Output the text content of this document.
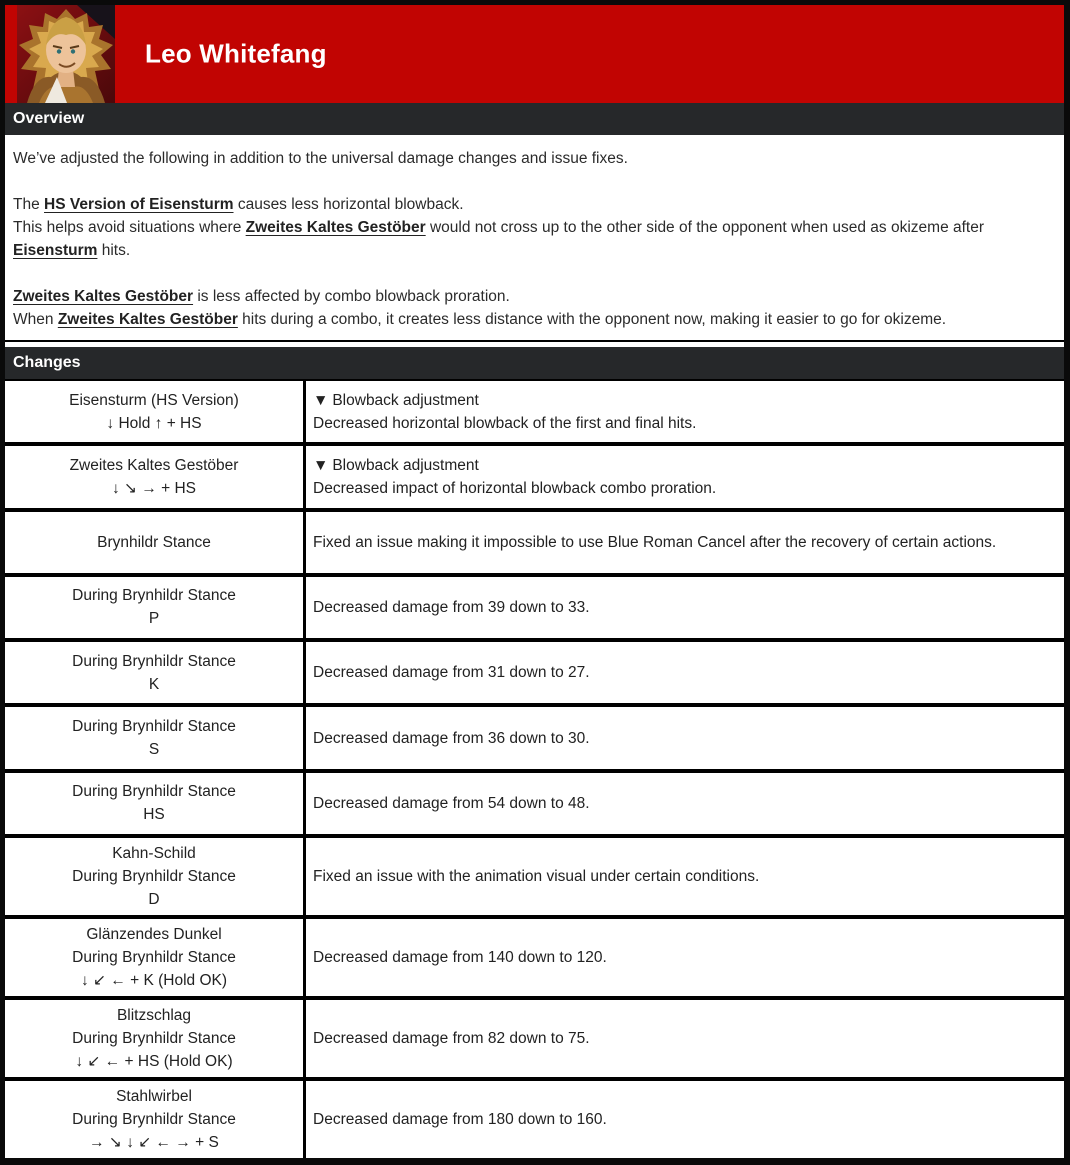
Leo Whitefang
Overview
We’ve adjusted the following in addition to the universal damage changes and issue fixes.

The HS Version of Eisensturm causes less horizontal blowback.
This helps avoid situations where Zweites Kaltes Gestöber would not cross up to the other side of the opponent when used as okizeme after
Eisensturm hits.

Zweites Kaltes Gestöber is less affected by combo blowback proration.
When Zweites Kaltes Gestöber hits during a combo, it creates less distance with the opponent now, making it easier to go for okizeme.
Changes
Eisensturm (HS Version)
↓ Hold ↑ + HS
▼ Blowback adjustment
Decreased horizontal blowback of the first and final hits.
Zweites Kaltes Gestöber
↓ ↘ → + HS
▼ Blowback adjustment
Decreased impact of horizontal blowback combo proration.
Brynhildr Stance	Fixed an issue making it impossible to use Blue Roman Cancel after the recovery of certain actions.
During Brynhildr Stance
P
Decreased damage from 39 down to 33.
During Brynhildr Stance
K
Decreased damage from 31 down to 27.
During Brynhildr Stance
S
Decreased damage from 36 down to 30.
During Brynhildr Stance
HS
Decreased damage from 54 down to 48.
Kahn-Schild
During Brynhildr Stance
D
Fixed an issue with the animation visual under certain conditions.
Glänzendes Dunkel
During Brynhildr Stance
↓ ↙ ← + K (Hold OK)
Decreased damage from 140 down to 120.
Blitzschlag
During Brynhildr Stance
↓ ↙ ← + HS (Hold OK)
Decreased damage from 82 down to 75.
Stahlwirbel
During Brynhildr Stance
→ ↘ ↓ ↙ ← → + S
Decreased damage from 180 down to 160.
